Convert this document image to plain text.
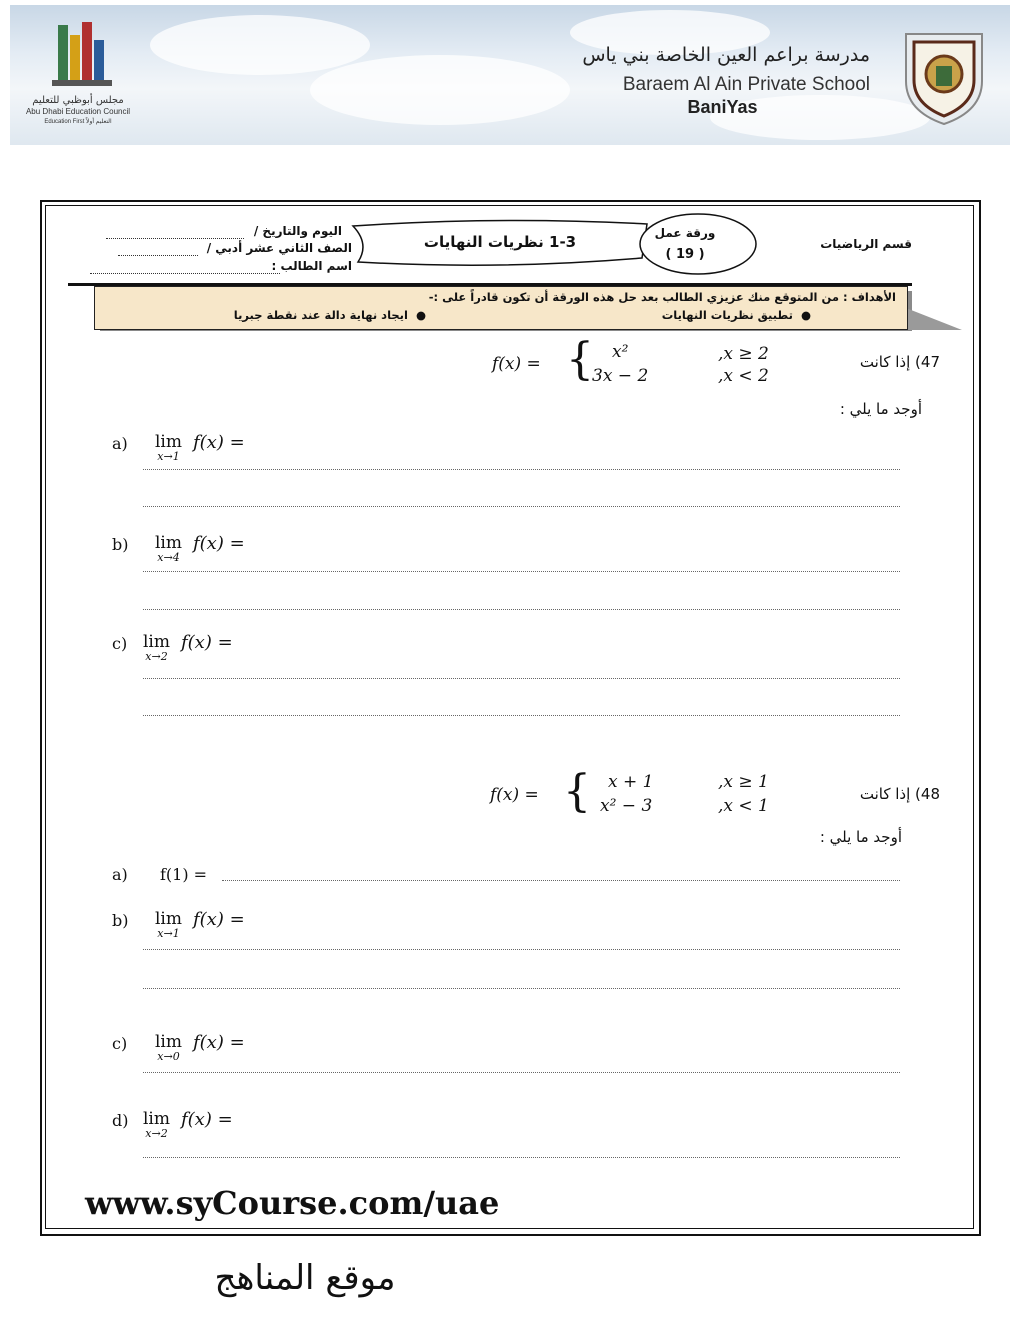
مجلس أبوظبي للتعليم
Abu Dhabi Education Council
Education First التعليم أولاً
مدرسة براعم العين الخاصة بني ياس
Baraem Al Ain Private School
BaniYas
اليوم والتاريخ /
الصف الثاني عشر أدبي /
اسم الطالب :
1-3 نظريات النهايات	ورقة عمل
( 19 )
قسم الرياضيات
الأهداف : من المتوقع منك عزيزي الطالب بعد حل هذه الورقة أن تكون قادراً على :-
●  تطبيق نظريات النهايات
●  ايجاد نهاية دالة عند نقطة جبريا
47) إذا كانت
f(x) = { x²	,x ≥ 2
3x − 2	,x < 2
أوجد ما يلي :
a) lim
x→1
f(x) =
b) lim
x→4
f(x) =
c) lim
x→2
f(x) =
48) إذا كانت
f(x) = { x + 1	,x ≥ 1
x² − 3	,x < 1
أوجد ما يلي :
a) f(1) =
b) lim
x→1
f(x) =
c) lim
x→0
f(x) =
d) lim
x→2
f(x) =
www.syCourse.com/uae
موقع المناهج
